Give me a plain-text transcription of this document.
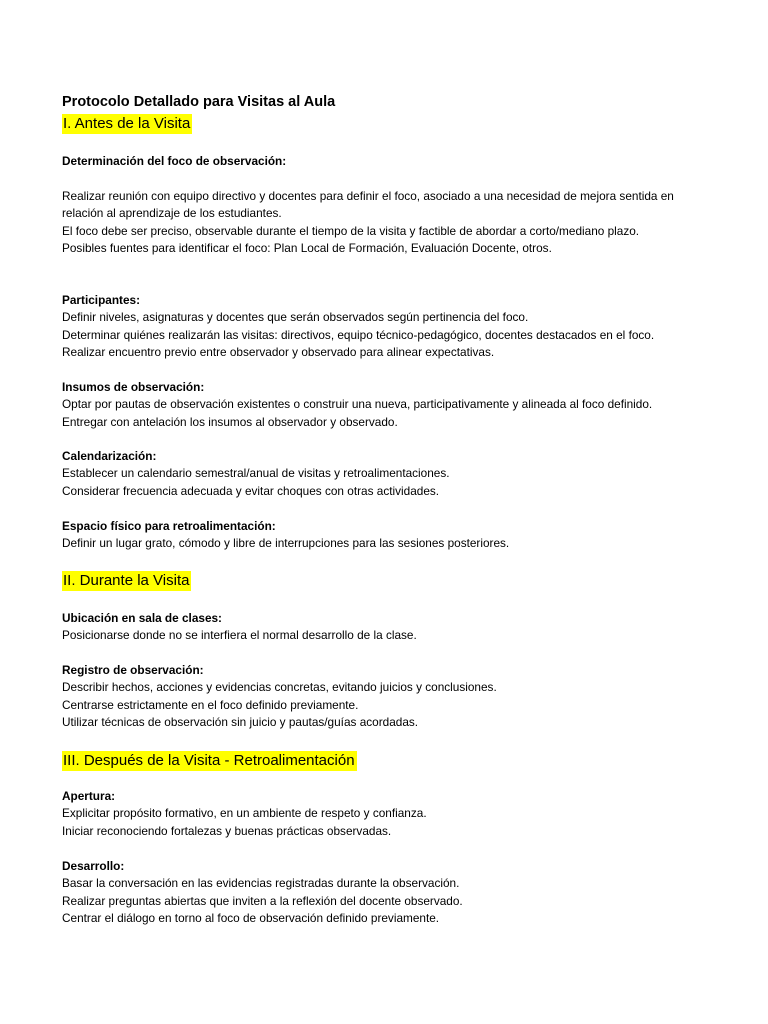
Protocolo Detallado para Visitas al Aula
I. Antes de la Visita
Determinación del foco de observación:
Realizar reunión con equipo directivo y docentes para definir el foco, asociado a una necesidad de mejora sentida en
relación al aprendizaje de los estudiantes.
El foco debe ser preciso, observable durante el tiempo de la visita y factible de abordar a corto/mediano plazo.
Posibles fuentes para identificar el foco: Plan Local de Formación, Evaluación Docente, otros.
Participantes:
Definir niveles, asignaturas y docentes que serán observados según pertinencia del foco.
Determinar quiénes realizarán las visitas: directivos, equipo técnico-pedagógico, docentes destacados en el foco.
Realizar encuentro previo entre observador y observado para alinear expectativas.
Insumos de observación:
Optar por pautas de observación existentes o construir una nueva, participativamente y alineada al foco definido.
Entregar con antelación los insumos al observador y observado.
Calendarización:
Establecer un calendario semestral/anual de visitas y retroalimentaciones.
Considerar frecuencia adecuada y evitar choques con otras actividades.
Espacio físico para retroalimentación:
Definir un lugar grato, cómodo y libre de interrupciones para las sesiones posteriores.
II. Durante la Visita
Ubicación en sala de clases:
Posicionarse donde no se interfiera el normal desarrollo de la clase.
Registro de observación:
Describir hechos, acciones y evidencias concretas, evitando juicios y conclusiones.
Centrarse estrictamente en el foco definido previamente.
Utilizar técnicas de observación sin juicio y pautas/guías acordadas.
III. Después de la Visita - Retroalimentación
Apertura:
Explicitar propósito formativo, en un ambiente de respeto y confianza.
Iniciar reconociendo fortalezas y buenas prácticas observadas.
Desarrollo:
Basar la conversación en las evidencias registradas durante la observación.
Realizar preguntas abiertas que inviten a la reflexión del docente observado.
Centrar el diálogo en torno al foco de observación definido previamente.
